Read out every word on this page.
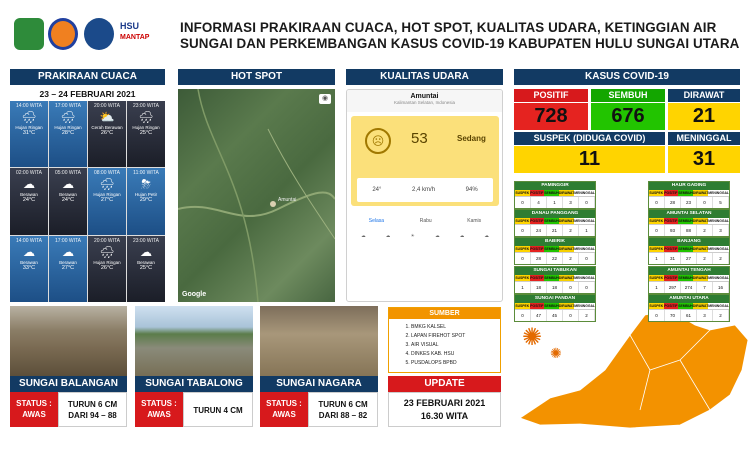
HSU
MANTAP
INFORMASI PRAKIRAAN CUACA, HOT SPOT, KUALITAS UDARA, KETINGGIAN AIR
SUNGAI DAN PERKEMBANGAN KASUS COVID-19 KABUPATEN HULU SUNGAI UTARA
PRAKIRAAN CUACA	HOT SPOT	KUALITAS UDARA	KASUS COVID-19
23 – 24 FEBRUARI 2021
14:00 WITA
🌧
Hujan Ringan
31°C
17:00 WITA
🌧
Hujan Ringan
28°C
20:00 WITA
⛅
Cerah Berawan
26°C
23:00 WITA
🌧
Hujan Ringan
25°C
02:00 WITA
☁
Berawan
24°C
05:00 WITA
☁
Berawan
24°C
08:00 WITA
🌧
Hujan Ringan
27°C
11:00 WITA
⛈
Hujan Petir
29°C
14:00 WITA
☁
Berawan
33°C
17:00 WITA
☁
Berawan
27°C
20:00 WITA
🌧
Hujan Ringan
26°C
23:00 WITA
☁
Berawan
25°C
Amuntai
Google
◉	Amuntai
Kalimantan Selatan, Indonesia
☹	53	Sedang
24°	2,4 km/h	94%
Selasa	Rabu	Kamis
☁	☁	☀	☁	☁	☁
POSITIF	SEMBUH	DIRAWAT
728	676	21
SUSPEK (DIDUGA COVID)	MENINGGAL
11	31
✺
✺
PAMINGGIR
SUSPEK POSITIF SEMBUH DIRAWAT MENINGGAL
0	4	1	3	0
DANAU PANGGANG
SUSPEK POSITIF SEMBUH DIRAWAT MENINGGAL
0	24	21	2	1
BABIRIK
SUSPEK POSITIF SEMBUH DIRAWAT MENINGGAL
0	28	22	2	0
SUNGAI TABUKAN
SUSPEK POSITIF SEMBUH DIRAWAT MENINGGAL
1	18	18	0	0
SUNGAI PANDAN
SUSPEK POSITIF SEMBUH DIRAWAT MENINGGAL
0	47	45	0	2
HAUR GADING
SUSPEK POSITIF SEMBUH DIRAWAT MENINGGAL
0	28	23	0	5
AMUNTAI SELATAN
SUSPEK POSITIF SEMBUH DIRAWAT MENINGGAL
0	93	88	2	3
BANJANG
SUSPEK POSITIF SEMBUH DIRAWAT MENINGGAL
1	31	27	2	2
AMUNTAI TENGAH
SUSPEK POSITIF SEMBUH DIRAWAT MENINGGAL
1	297	274	7	16
AMUNTAI UTARA
SUSPEK POSITIF SEMBUH DIRAWAT MENINGGAL
0	70	61	3	2
SUNGAI BALANGAN	SUNGAI TABALONG	SUNGAI NAGARA
STATUS : AWAS
TURUN 6 CM
DARI 94 – 88
STATUS : AWAS	TURUN 4 CM
STATUS : AWAS
TURUN 6 CM
DARI 88 – 82
SUMBER
1. BMKG KALSEL
2. LAPAN FIREHOT SPOT
3. AIR VISUAL
4. DINKES KAB. HSU
5. PUSDALOPS BPBD
UPDATE
23 FEBRUARI 2021
16.30 WITA
